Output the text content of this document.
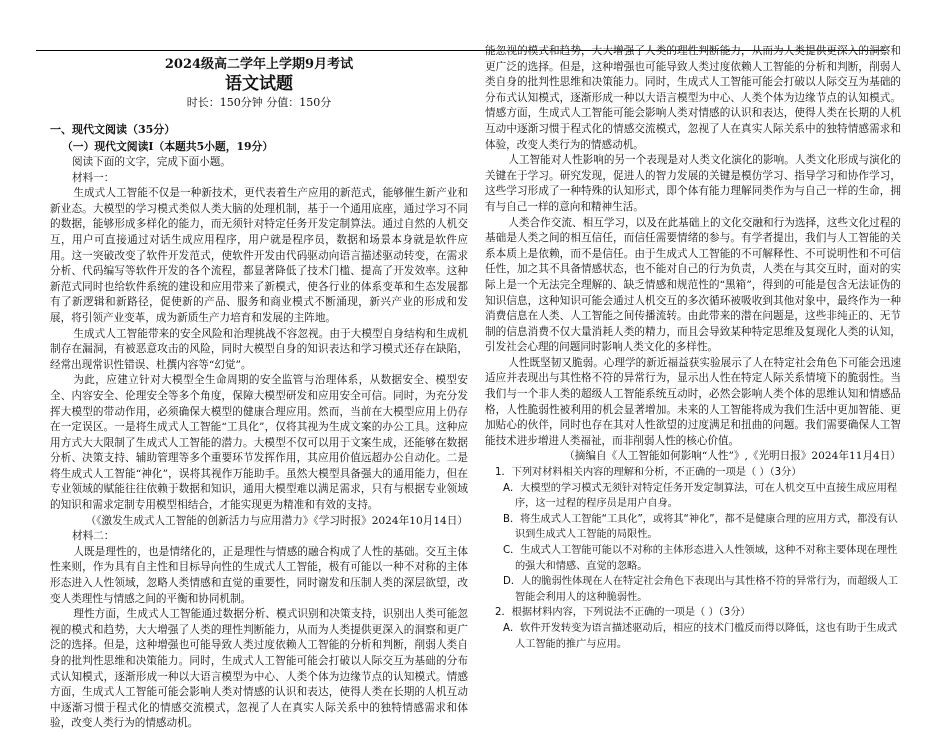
2024级高二学年上学期9月考试
语文试题
时长：150分钟 分值：150分
一、现代文阅读（35分）
（一）现代文阅读Ⅰ（本题共5小题，19分）

阅读下面的文字，完成下面小题。

材料一：

生成式人工智能不仅是一种新技术，更代表着生产应用的新范式，能够催生新产业和新业态。大模型的学习模式类似人类大脑的处理机制，基于一个通用底座，通过学习不同的数据，能够形成多样化的能力，而无须针对特定任务开发定制算法。通过自然的人机交互，用户可直接通过对话生成应用程序，用户就是程序员，数据和场景本身就是软件应用。这一突破改变了软件开发范式，使软件开发由代码驱动向语言描述驱动转变，在需求分析、代码编写等软件开发的各个流程，都显著降低了技术门槛、提高了开发效率。这种新范式同时也给软件系统的建设和应用带来了新模式，使各行业的体系变革和生态发展都有了新逻辑和新路径，促使新的产品、服务和商业模式不断涌现，新兴产业的形成和发展，将引领产业变革，成为新质生产力培育和发展的主阵地。

生成式人工智能带来的安全风险和治理挑战不容忽视。由于大模型自身结构和生成机制存在漏洞，有被恶意攻击的风险，同时大模型自身的知识表达和学习模式还存在缺陷，经常出现常识性错误、杜撰内容等“幻觉”。

为此，应建立针对大模型全生命周期的安全监管与治理体系，从数据安全、模型安全、内容安全、伦理安全等多个角度，保障大模型研发和应用安全可信。同时，为充分发挥大模型的带动作用，必须确保大模型的健康合理应用。然而，当前在大模型应用上仍存在一定误区。一是将生成式人工智能“工具化”，仅将其视为生成文案的办公工具。这种应用方式大大限制了生成式人工智能的潜力。大模型不仅可以用于文案生成，还能够在数据分析、决策支持、辅助管理等多个重要环节发挥作用，其应用价值远超办公自动化。二是将生成式人工智能“神化”，误将其视作万能助手。虽然大模型具备强大的通用能力，但在专业领域的赋能往往依赖于数据和知识，通用大模型难以满足需求，只有与根据专业领域的知识和需求定制专用模型相结合，才能实现更为精准和有效的支持。

（《激发生成式人工智能的创新活力与应用潜力》《学习时报》2024年10月14日）

材料二：

人既是理性的，也是情绪化的，正是理性与情感的融合构成了人性的基础。交互主体性来则，作为具有自主性和目标导向性的生成式人工智能，极有可能以一种不对称的主体形态进入人性领域，忽略人类情感和直觉的重要性，同时谢发和压制人类的深层欲望，改变人类理性与情感之间的平衡和协同机制。

理性方面，生成式人工智能通过数据分析、模式识别和决策支持，识别出人类可能忽视的模式和趋势，大大增强了人类的理性判断能力，从而为人类提供更深入的洞察和更广泛的选择。但是，这种增强也可能导致人类过度依赖人工智能的分析和判断，削弱人类自身的批判性思维和决策能力。同时，生成式人工智能可能会打破以人际交互为基础的分布式认知模式，逐渐形成一种以大语言模型为中心、人类个体为边缘节点的认知模式。情感方面，生成式人工智能可能会影响人类对情感的认识和表达，使得人类在长期的人机互动中逐渐习惯于程式化的情感交流模式，忽视了人在真实人际关系中的独特情感需求和体验，改变人类行为的情感动机。

能忽视的模式和趋势，大大增强了人类的理性判断能力，从而为人类提供更深入的洞察和更广泛的选择。但是，这种增强也可能导致人类过度依赖人工智能的分析和判断，削弱人类自身的批判性思维和决策能力。同时，生成式人工智能可能会打破以人际交互为基础的分布式认知模式，逐渐形成一种以大语言模型为中心、人类个体为边缘节点的认知模式。情感方面，生成式人工智能可能会影响人类对情感的认识和表达，使得人类在长期的人机互动中逐渐习惯于程式化的情感交流模式，忽视了人在真实人际关系中的独特情感需求和体验，改变人类行为的情感动机。

人工智能对人性影响的另一个表现是对人类文化演化的影响。人类文化形成与演化的关键在于学习。研究发现，促进人的智力发展的关键是模仿学习、指导学习和协作学习，这些学习形成了一种特殊的认知形式，即个体有能力理解同类作为与自己一样的生命，拥有与自己一样的意向和精神生活。

人类合作交流、相互学习，以及在此基础上的文化交融和行为选择，这些文化过程的基础是人类之间的相互信任，而信任需要情绪的参与。有学者提出，我们与人工智能的关系本质上是依赖，而不是信任。由于生成式人工智能的不可解释性、不可说明性和不可信任性，加之其不具备情感状态，也不能对自己的行为负责，人类在与其交互时，面对的实际上是一个无法完全理解的、缺乏情感和规范性的“黑箱”，得到的可能是包含无法证伪的知识信息，这种知识可能会通过人机交互的多次循环被吸收到其他对象中，最终作为一种消费信息在人类、人工智能之间传播流转。由此带来的潜在问题是，这些非纯正的、无节制的信息消费不仅大量消耗人类的精力，而且会导致某种特定思维及复现化人类的认知，引发社会心理的问题同时影响人类文化的多样性。

人性既坚韧又脆弱。心理学的新近福益获实验展示了人在特定社会角色下可能会迅速适应并表现出与其性格不符的异常行为，显示出人性在特定人际关系情境下的脆弱性。当我们与一个非人类的超级人工智能系统互动时，必然会影响人类个体的思维认知和情感品格，人性脆弱性被利用的机会显著增加。未来的人工智能将成为我们生活中更加智能、更加贴心的伙伴，同时也存在其对人性欲望的过度满足和扭曲的问题。我们需要确保人工智能技术进步增进人类福祉，而非削弱人性的核心价值。

（摘编自《人工智能如何影响“人性”》,《光明日报》2024年11月4日）

1．下列对材料相关内容的理解和分析，不正确的一项是（ ）（3分）

A．大模型的学习模式无须针对特定任务开发定制算法，可在人机交互中直接生成应用程序，这一过程的程序员是用户自身。

B．将生成式人工智能“工具化”，或将其“神化”，都不是健康合理的应用方式，都没有认识到生成式人工智能的局限性。

C．生成式人工智能可能以不对称的主体形态进入人性领域，这种不对称主要体现在理性的强大和情感、直觉的忽略。

D．人的脆弱性体现在人在特定社会角色下表现出与其性格不符的异常行为，而超级人工智能会利用人的这种脆弱性。

2．根据材料内容，下列说法不正确的一项是（ ）（3分）

A．软件开发转变为语言描述驱动后，相应的技术门槛反而得以降低，这也有助于生成式人工智能的推广与应用。
